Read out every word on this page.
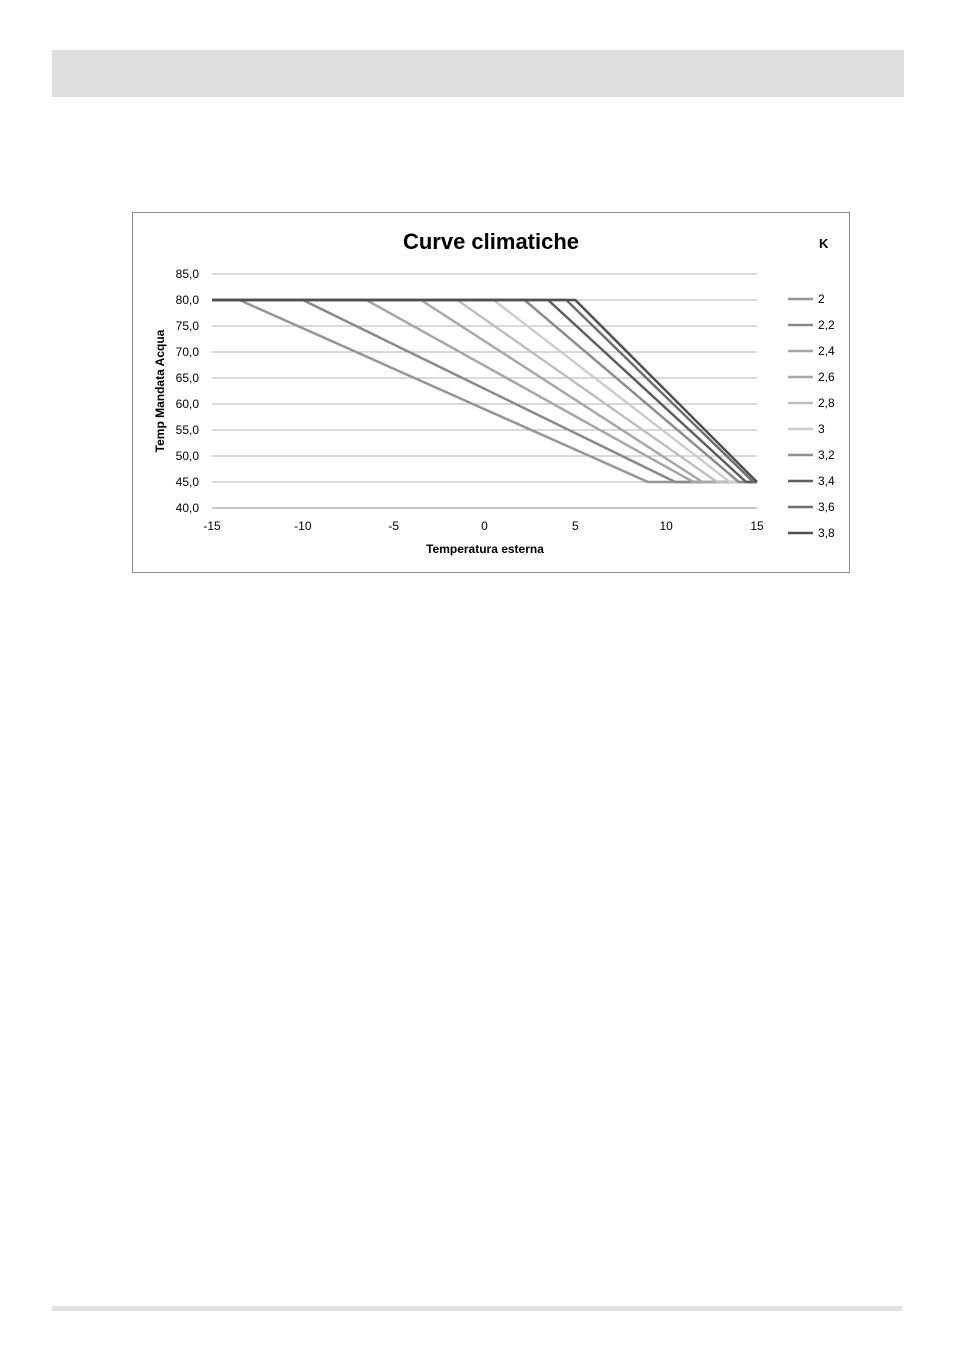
Curve climatiche
Temperatura esterna
Temp Mandata Acqua
K
40,0
45,0
50,0
55,0
60,0
65,0
70,0
75,0
80,0
85,0
-15	-10	-5	0	5	10	15
2
2,2
2,4
2,6
2,8
3
3,2
3,4
3,6
3,8
